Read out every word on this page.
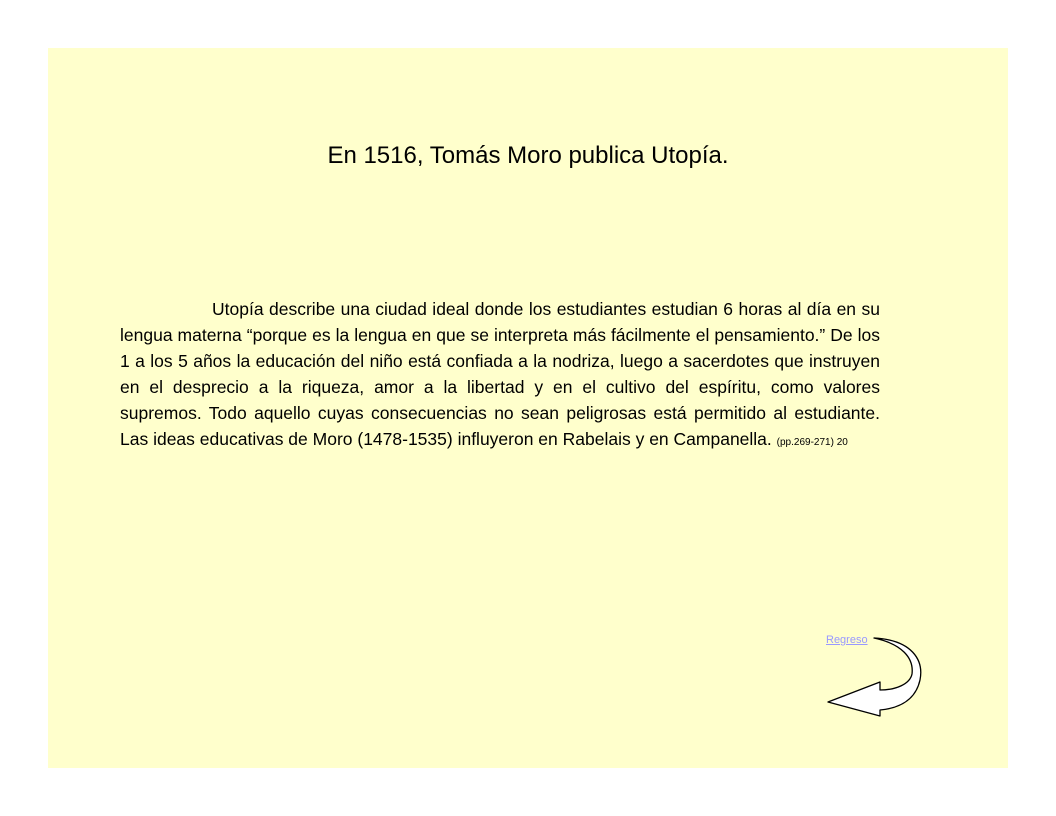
En 1516, Tomás Moro publica Utopía.
Utopía describe una ciudad ideal donde los estudiantes estudian 6 horas al día en su lengua materna “porque es la lengua en que se interpreta más fácilmente el pensamiento.” De los 1 a los 5 años la educación del niño está confiada a la nodriza, luego a sacerdotes que instruyen en el desprecio a la riqueza, amor a la libertad y en el cultivo del espíritu, como valores supremos. Todo aquello cuyas consecuencias no sean peligrosas está permitido al estudiante. Las ideas educativas de Moro (1478-1535) influyeron en Rabelais y en Campanella. (pp.269-271) 20
Regreso
